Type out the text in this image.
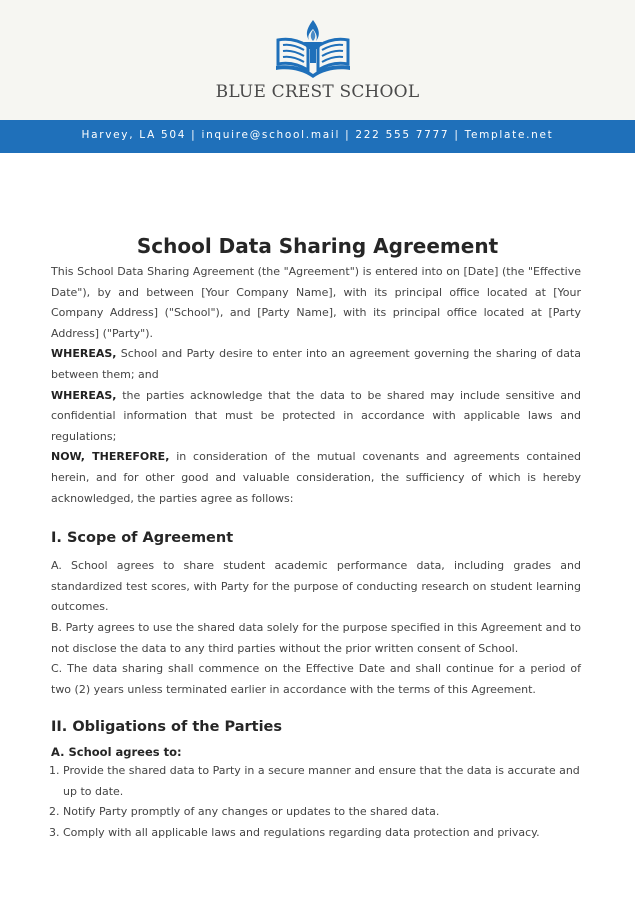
BLUE CREST SCHOOL
Harvey, LA 504 | inquire@school.mail | 222 555 7777 | Template.net
School Data Sharing Agreement

This School Data Sharing Agreement (the "Agreement") is entered into on [Date] (the "Effective Date"), by and between [Your Company Name], with its principal office located at [Your Company Address] ("School"), and [Party Name], with its principal office located at [Party Address] ("Party").

WHEREAS, School and Party desire to enter into an agreement governing the sharing of data between them; and

WHEREAS, the parties acknowledge that the data to be shared may include sensitive and confidential information that must be protected in accordance with applicable laws and regulations;

NOW, THEREFORE, in consideration of the mutual covenants and agreements contained herein, and for other good and valuable consideration, the sufficiency of which is hereby acknowledged, the parties agree as follows:

I. Scope of Agreement

A. School agrees to share student academic performance data, including grades and standardized test scores, with Party for the purpose of conducting research on student learning outcomes.

B. Party agrees to use the shared data solely for the purpose specified in this Agreement and to not disclose the data to any third parties without the prior written consent of School.

C. The data sharing shall commence on the Effective Date and shall continue for a period of two (2) years unless terminated earlier in accordance with the terms of this Agreement.

II. Obligations of the Parties
A. School agrees to:
1. Provide the shared data to Party in a secure manner and ensure that the data is accurate and up to date.
2. Notify Party promptly of any changes or updates to the shared data.
3. Comply with all applicable laws and regulations regarding data protection and privacy.
